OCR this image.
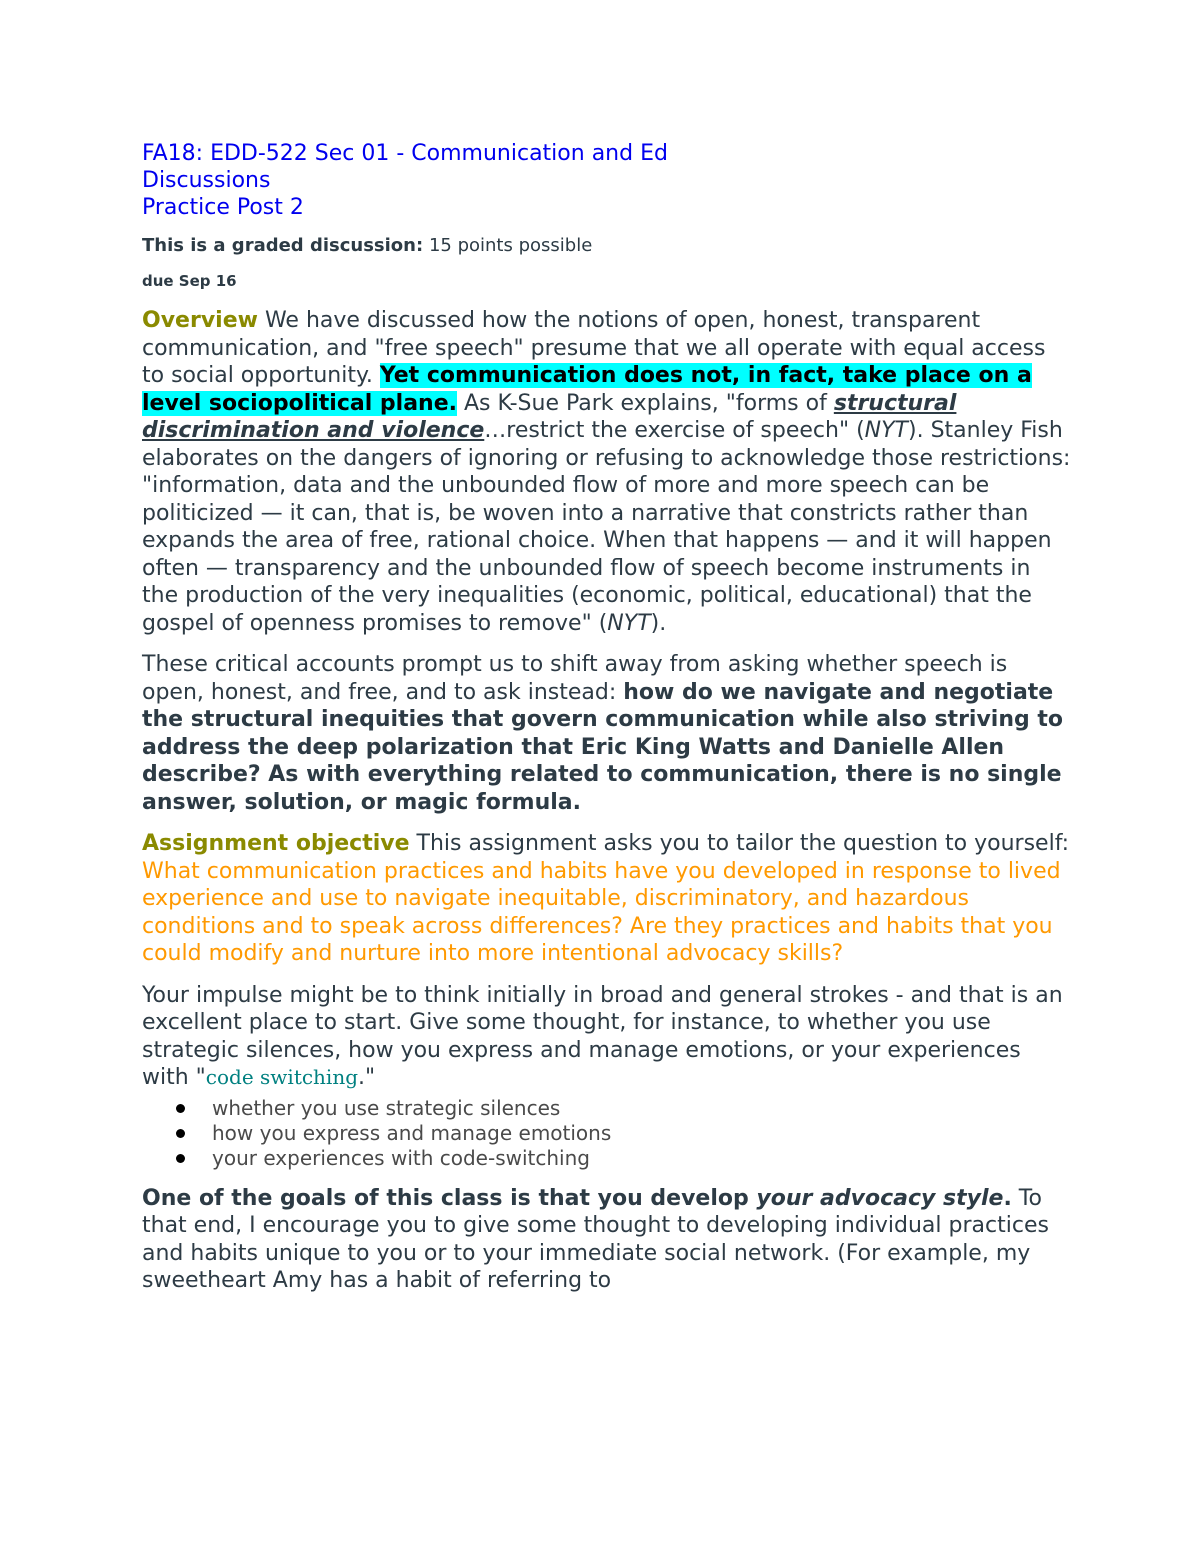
FA18: EDD-522 Sec 01 - Communication and Ed
Discussions
Practice Post 2
This is a graded discussion: 15 points possible
due Sep 16

Overview We have discussed how the notions of open, honest, transparent communication, and "free speech" presume that we all operate with equal access to social opportunity. Yet communication does not, in fact, take place on a level sociopolitical plane. As K-Sue Park explains, "forms of structural discrimination and violence…restrict the exercise of speech" (NYT). Stanley Fish elaborates on the dangers of ignoring or refusing to acknowledge those restrictions: "information, data and the unbounded flow of more and more speech can be politicized — it can, that is, be woven into a narrative that constricts rather than expands the area of free, rational choice. When that happens — and it will happen often — transparency and the unbounded flow of speech become instruments in the production of the very inequalities (economic, political, educational) that the gospel of openness promises to remove" (NYT).

These critical accounts prompt us to shift away from asking whether speech is open, honest, and free, and to ask instead: how do we navigate and negotiate the structural inequities that govern communication while also striving to address the deep polarization that Eric King Watts and Danielle Allen describe? As with everything related to communication, there is no single answer, solution, or magic formula.

Assignment objective This assignment asks you to tailor the question to yourself: What communication practices and habits have you developed in response to lived experience and use to navigate inequitable, discriminatory, and hazardous conditions and to speak across differences? Are they practices and habits that you could modify and nurture into more intentional advocacy skills?

Your impulse might be to think initially in broad and general strokes - and that is an excellent place to start. Give some thought, for instance, to whether you use strategic silences, how you express and manage emotions, or your experiences with "code switching."

whether you use strategic silences
how you express and manage emotions
your experiences with code-switching

One of the goals of this class is that you develop your advocacy style. To that end, I encourage you to give some thought to developing individual practices and habits unique to you or to your immediate social network. (For example, my sweetheart Amy has a habit of referring to
